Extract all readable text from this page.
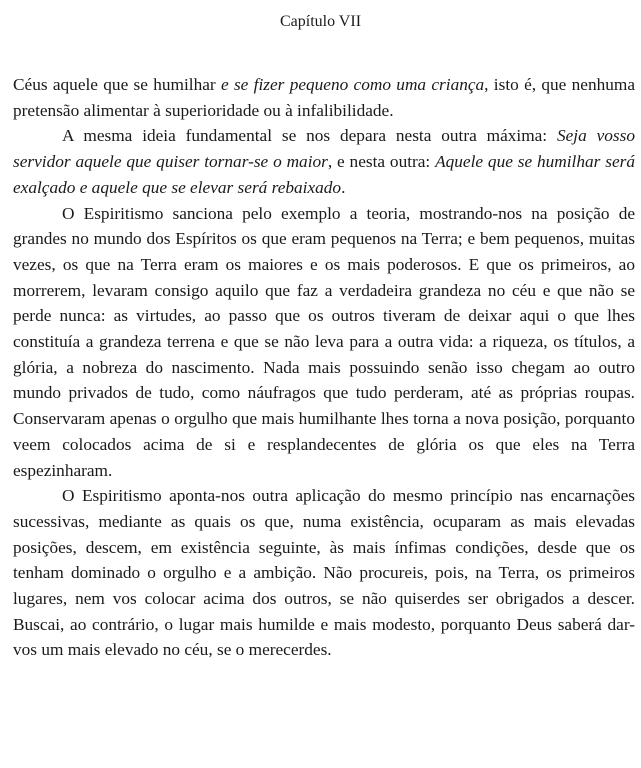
Capítulo VII

Céus aquele que se humilhar e se fizer pequeno como uma criança, isto é, que nenhuma pretensão alimentar à superioridade ou à infalibilidade.

A mesma ideia fundamental se nos depara nesta outra máxima: Seja vosso servidor aquele que quiser tornar-se o maior, e nesta outra: Aquele que se humilhar será exalçado e aquele que se elevar será rebaixado.

O Espiritismo sanciona pelo exemplo a teoria, mostrando-nos na posição de grandes no mundo dos Espíritos os que eram pequenos na Terra; e bem pequenos, muitas vezes, os que na Terra eram os maiores e os mais poderosos. E que os primeiros, ao morrerem, levaram consigo aquilo que faz a verdadeira grandeza no céu e que não se perde nunca: as virtudes, ao passo que os outros tiveram de deixar aqui o que lhes constituía a grandeza terrena e que se não leva para a outra vida: a riqueza, os títulos, a glória, a nobreza do nascimento. Nada mais possuindo senão isso chegam ao outro mundo privados de tudo, como náufragos que tudo perderam, até as próprias roupas. Conservaram apenas o orgulho que mais humilhante lhes torna a nova posição, porquanto veem colocados acima de si e resplandecentes de glória os que eles na Terra espezinharam.

O Espiritismo aponta-nos outra aplicação do mesmo princípio nas encarnações sucessivas, mediante as quais os que, numa existência, ocuparam as mais elevadas posições, descem, em existência seguinte, às mais ínfimas condições, desde que os tenham dominado o orgulho e a ambição. Não procureis, pois, na Terra, os primeiros lugares, nem vos colocar acima dos outros, se não quiserdes ser obrigados a descer. Buscai, ao contrário, o lugar mais humilde e mais modesto, porquanto Deus saberá dar-vos um mais elevado no céu, se o merecerdes.
